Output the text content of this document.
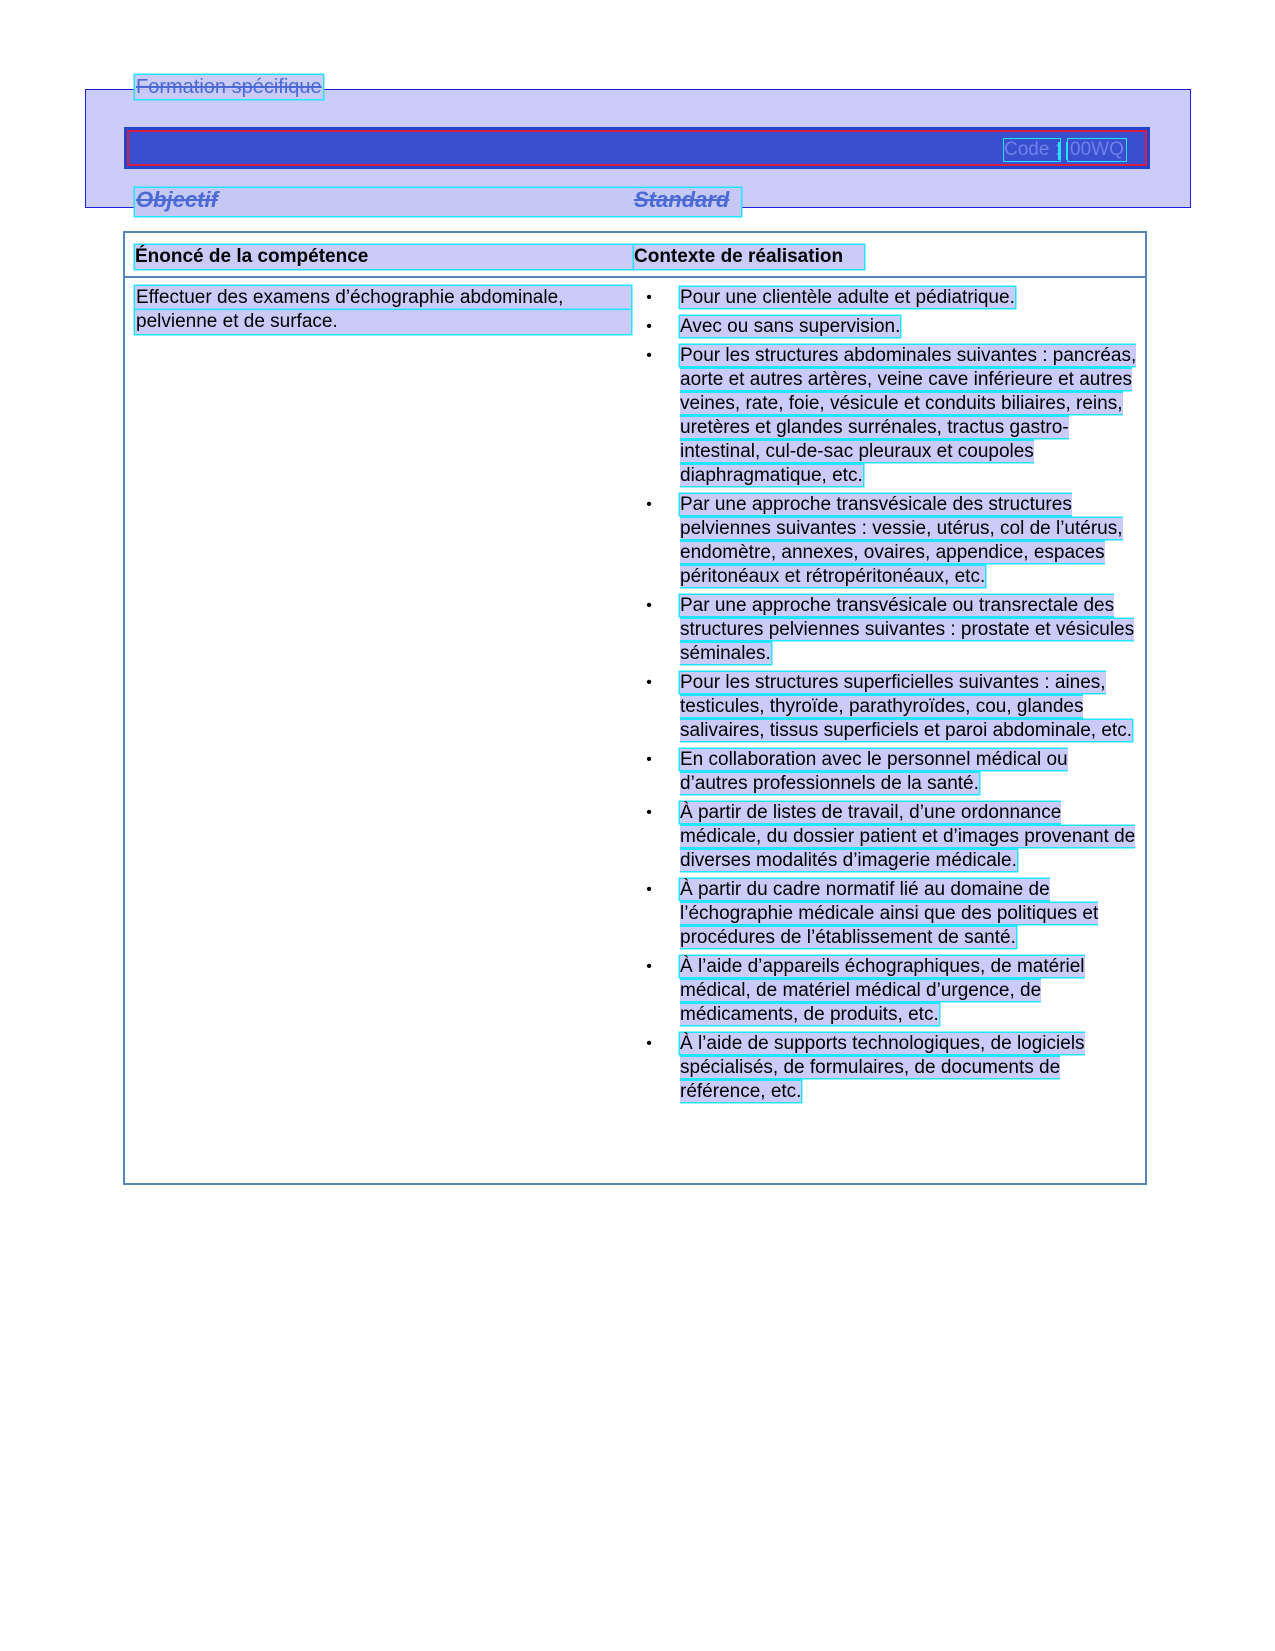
Formation spécifique
Code : 00WQ
Objectif	Standard
Énoncé de la compétence	Contexte de réalisation
Effectuer des examens d’échographie abdominale,
pelvienne et de surface.
•	Pour une clientèle adulte et pédiatrique.
•	Avec ou sans supervision.
•	Pour les structures abdominales suivantes : pancréas, aorte et autres artères, veine cave inférieure et autres veines, rate, foie, vésicule et conduits biliaires, reins, uretères et glandes surrénales, tractus gastro-intestinal, cul-de-sac pleuraux et coupoles diaphragmatique, etc.
•	Par une approche transvésicale des structures pelviennes suivantes : vessie, utérus, col de l’utérus, endomètre, annexes, ovaires, appendice, espaces péritonéaux et rétropéritonéaux, etc.
•	Par une approche transvésicale ou transrectale des structures pelviennes suivantes : prostate et vésicules séminales.
•	Pour les structures superficielles suivantes : aines, testicules, thyroïde, parathyroïdes, cou, glandes salivaires, tissus superficiels et paroi abdominale, etc.
•	En collaboration avec le personnel médical ou d’autres professionnels de la santé.
•	À partir de listes de travail, d’une ordonnance médicale, du dossier patient et d’images provenant de diverses modalités d’imagerie médicale.
•	À partir du cadre normatif lié au domaine de l’échographie médicale ainsi que des politiques et procédures de l’établissement de santé.
•	À l’aide d’appareils échographiques, de matériel médical, de matériel médical d’urgence, de médicaments, de produits, etc.
•	À l’aide de supports technologiques, de logiciels spécialisés, de formulaires, de documents de référence, etc.
